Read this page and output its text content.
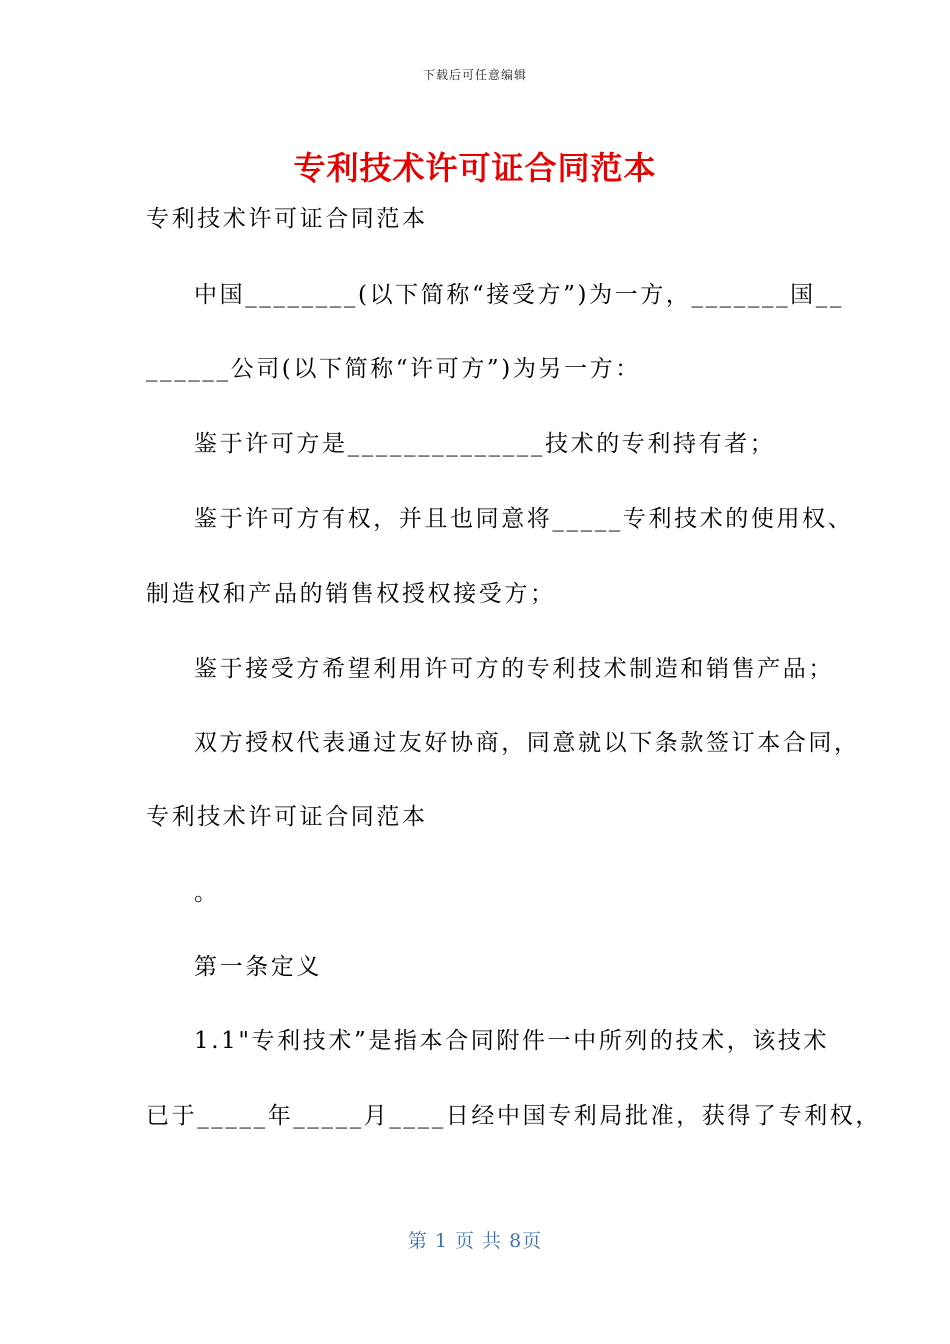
下载后可任意编辑
专利技术许可证合同范本
专利技术许可证合同范本
中国________(以下简称“接受方”)为一方，_______国__
______公司(以下简称“许可方”)为另一方：
鉴于许可方是______________技术的专利持有者；
鉴于许可方有权，并且也同意将_____专利技术的使用权、
制造权和产品的销售权授权接受方；
鉴于接受方希望利用许可方的专利技术制造和销售产品；
双方授权代表通过友好协商，同意就以下条款签订本合同，
专利技术许可证合同范本
。
第一条定义
1.1"专利技术”是指本合同附件一中所列的技术，该技术
已于_____年_____月____日经中国专利局批准，获得了专利权，
第 1 页 共 8页
